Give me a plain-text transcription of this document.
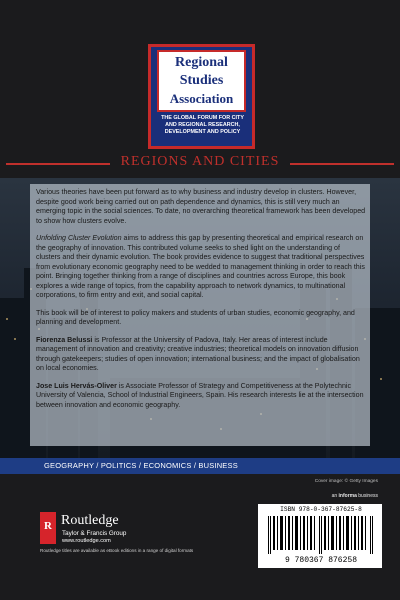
Regional
Studies
Association
THE GLOBAL FORUM FOR CITY AND REGIONAL RESEARCH, DEVELOPMENT AND POLICY
REGIONS AND CITIES

Various theories have been put forward as to why business and industry develop in clusters. However, despite good work being carried out on path dependence and dynamics, this is still very much an emerging topic in the social sciences. To date, no overarching theoretical framework has been developed to show how clusters evolve.

Unfolding Cluster Evolution aims to address this gap by presenting theoretical and empirical research on the geography of innovation. This contributed volume seeks to shed light on the understanding of clusters and their dynamic evolution. The book provides evidence to suggest that traditional perspectives from evolutionary economic geography need to be wedded to management thinking in order to reach this point. Bringing together thinking from a range of disciplines and countries across Europe, this book explores a wide range of topics, from the capability approach to network dynamics, to multinational corporations, to firm entry and exit, and social capital.

This book will be of interest to policy makers and students of urban studies, economic geography, and planning and development.

Fiorenza Belussi is Professor at the University of Padova, Italy. Her areas of interest include management of innovation and creativity; creative industries; theoretical models on innovation diffusion through gatekeepers; studies of open innovation; international business; and the impact of globalisation on local economies.

Jose Luis Hervás-Oliver is Associate Professor of Strategy and Competitiveness at the Polytechnic University of Valencia, School of Industrial Engineers, Spain. His research interests lie at the intersection between innovation and economic geography.

GEOGRAPHY / POLITICS / ECONOMICS / BUSINESS
Cover image: © Getty Images
an informa business
R Routledge
Taylor & Francis Group
www.routledge.com
Routledge titles are available as eBook editions in a range of digital formats
ISBN 978-0-367-87625-8
9 780367 876258
